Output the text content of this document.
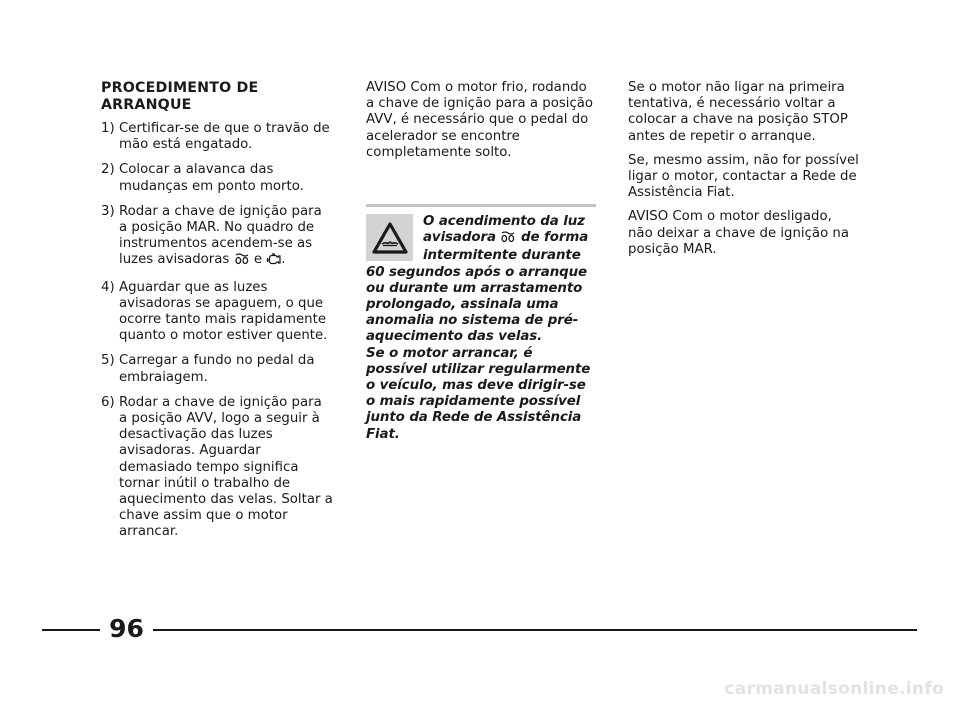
PROCEDIMENTO DE
ARRANQUE
1) Certificar-se de que o travão de mão está engatado.
2) Colocar a alavanca das mudanças em ponto morto.
3) Rodar a chave de ignição para a posição MAR. No quadro de instrumentos acendem-se as luzes avisadoras e .
4) Aguardar que as luzes avisadoras se apaguem, o que ocorre tanto mais rapidamente quanto o motor estiver quente.
5) Carregar a fundo no pedal da embraiagem.
6) Rodar a chave de ignição para a posição AVV, logo a seguir à desactivação das luzes avisadoras. Aguardar demasiado tempo significa tornar inútil o trabalho de aquecimento das velas. Soltar a chave assim que o motor arrancar.

AVISO Com o motor frio, rodando a chave de ignição para a posição AVV, é necessário que o pedal do acelerador se encontre completamente solto.

O acendimento da luz avisadora de forma intermitente durante 60 segundos após o arranque ou durante um arrastamento prolongado, assinala uma anomalia no sistema de pré-aquecimento das velas.
Se o motor arrancar, é possível utilizar regularmente o veículo, mas deve dirigir-se o mais rapidamente possível junto da Rede de Assistência Fiat.

Se o motor não ligar na primeira tentativa, é necessário voltar a colocar a chave na posição STOP antes de repetir o arranque.

Se, mesmo assim, não for possível ligar o motor, contactar a Rede de Assistência Fiat.

AVISO Com o motor desligado, não deixar a chave de ignição na posição MAR.

96
carmanualsonline.info
